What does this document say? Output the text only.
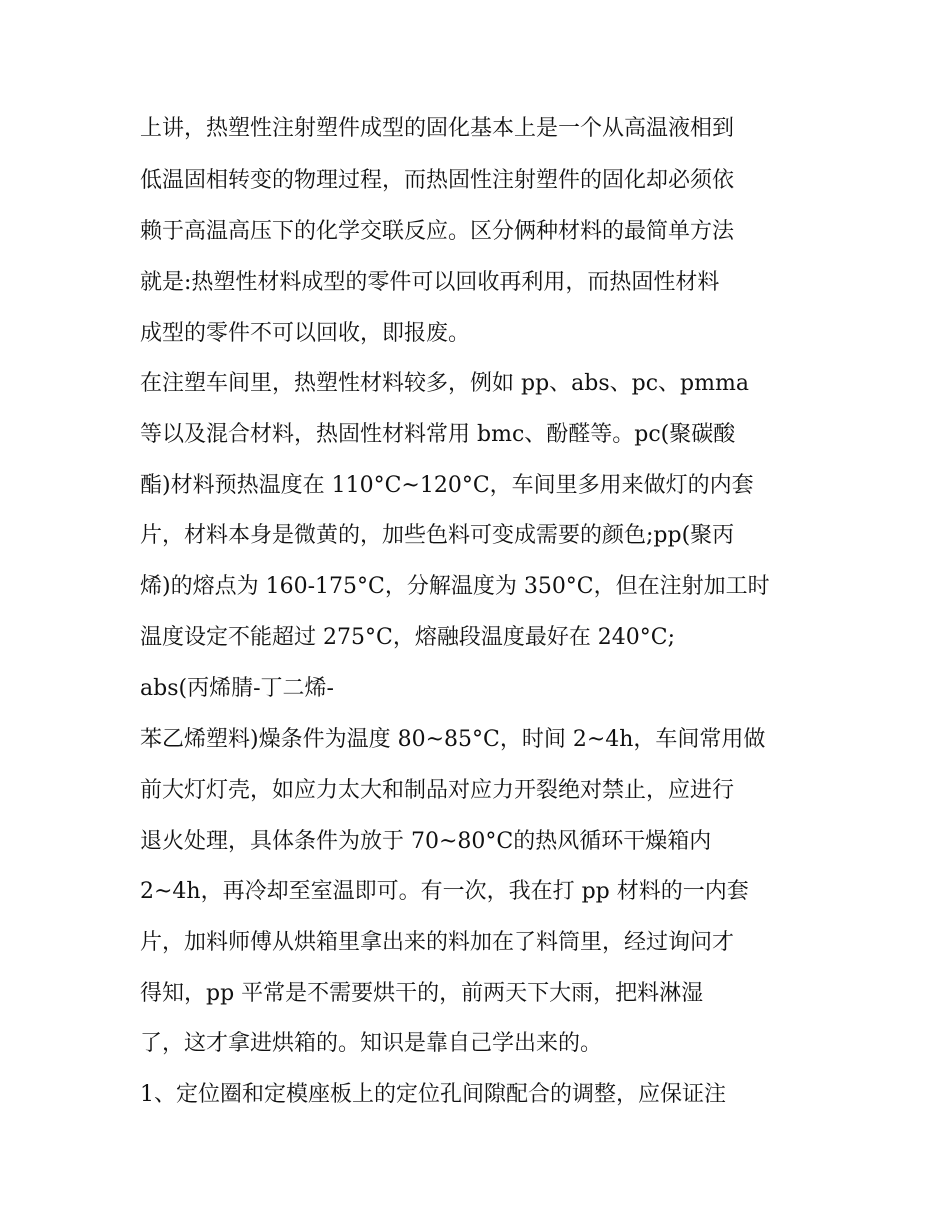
上讲，热塑性注射塑件成型的固化基本上是一个从高温液相到
低温固相转变的物理过程，而热固性注射塑件的固化却必须依
赖于高温高压下的化学交联反应。区分俩种材料的最简单方法
就是:热塑性材料成型的零件可以回收再利用，而热固性材料
成型的零件不可以回收，即报废。
在注塑车间里，热塑性材料较多，例如 pp、abs、pc、pmma
等以及混合材料，热固性材料常用 bmc、酚醛等。pc(聚碳酸
酯)材料预热温度在 110°C~120°C，车间里多用来做灯的内套
片，材料本身是微黄的，加些色料可变成需要的颜色;pp(聚丙
烯)的熔点为 160-175°C，分解温度为 350°C，但在注射加工时
温度设定不能超过 275°C，熔融段温度最好在 240°C;
abs(丙烯腈-丁二烯-
苯乙烯塑料)燥条件为温度 80~85°C，时间 2~4h，车间常用做
前大灯灯壳，如应力太大和制品对应力开裂绝对禁止，应进行
退火处理，具体条件为放于 70~80°C的热风循环干燥箱内
2~4h，再冷却至室温即可。有一次，我在打 pp 材料的一内套
片，加料师傅从烘箱里拿出来的料加在了料筒里，经过询问才
得知，pp 平常是不需要烘干的，前两天下大雨，把料淋湿
了，这才拿进烘箱的。知识是靠自己学出来的。
1、定位圈和定模座板上的定位孔间隙配合的调整，应保证注
